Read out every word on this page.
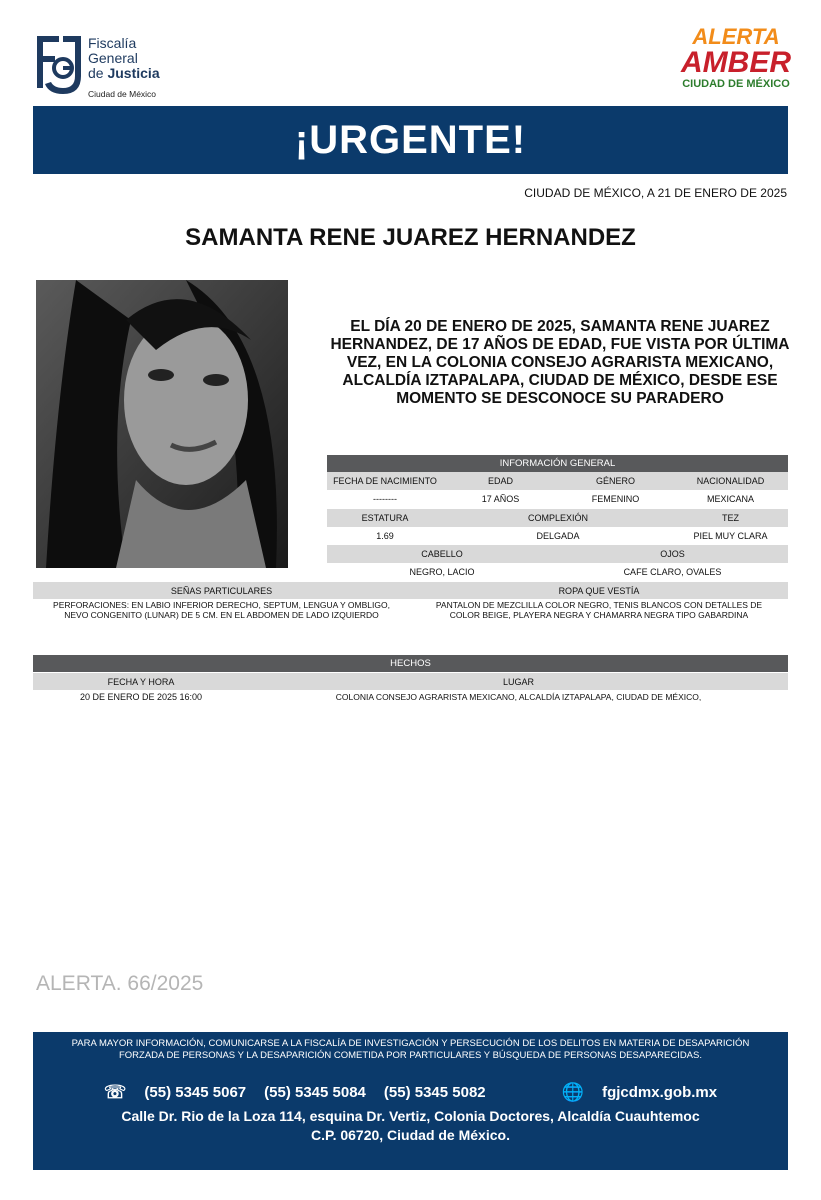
Fiscalía
General
de Justicia
Ciudad de México
ALERTA
AMBER
CIUDAD DE MÉXICO
¡URGENTE!
CIUDAD DE MÉXICO, A 21 DE ENERO DE 2025
SAMANTA RENE JUAREZ HERNANDEZ
EL DÍA 20 DE ENERO DE 2025, SAMANTA RENE JUAREZ HERNANDEZ, DE 17 AÑOS DE EDAD, FUE VISTA POR ÚLTIMA VEZ, EN LA COLONIA CONSEJO AGRARISTA MEXICANO, ALCALDÍA IZTAPALAPA, CIUDAD DE MÉXICO, DESDE ESE MOMENTO SE DESCONOCE SU PARADERO
INFORMACIÓN GENERAL
FECHA DE NACIMIENTO	EDAD	GÉNERO	NACIONALIDAD
--------	17 AÑOS	FEMENINO	MEXICANA
ESTATURA	COMPLEXIÓN	TEZ
1.69	DELGADA	PIEL MUY CLARA
CABELLO	OJOS
NEGRO, LACIO	CAFE CLARO, OVALES
SEÑAS PARTICULARES	ROPA QUE VESTÍA
PERFORACIONES: EN LABIO INFERIOR DERECHO, SEPTUM, LENGUA Y OMBLIGO, NEVO CONGENITO (LUNAR) DE 5 CM. EN EL ABDOMEN DE LADO IZQUIERDO
PANTALON DE MEZCLILLA COLOR NEGRO, TENIS BLANCOS CON DETALLES DE COLOR BEIGE, PLAYERA NEGRA Y CHAMARRA NEGRA TIPO GABARDINA
HECHOS
FECHA Y HORA	LUGAR
20 DE ENERO DE 2025 16:00	COLONIA CONSEJO AGRARISTA MEXICANO, ALCALDÍA IZTAPALAPA, CIUDAD DE MÉXICO,
ALERTA. 66/2025
PARA MAYOR INFORMACIÓN, COMUNICARSE A LA FISCALÍA DE INVESTIGACIÓN Y PERSECUCIÓN DE LOS DELITOS EN MATERIA DE DESAPARICIÓN
FORZADA DE PERSONAS Y LA DESAPARICIÓN COMETIDA POR PARTICULARES Y BÚSQUEDA DE PERSONAS DESAPARECIDAS.
☏ (55) 5345 5067 (55) 5345 5084 (55) 5345 5082	🌐 fgjcdmx.gob.mx
Calle Dr. Rio de la Loza 114, esquina Dr. Vertiz, Colonia Doctores, Alcaldía Cuauhtemoc
C.P. 06720, Ciudad de México.
